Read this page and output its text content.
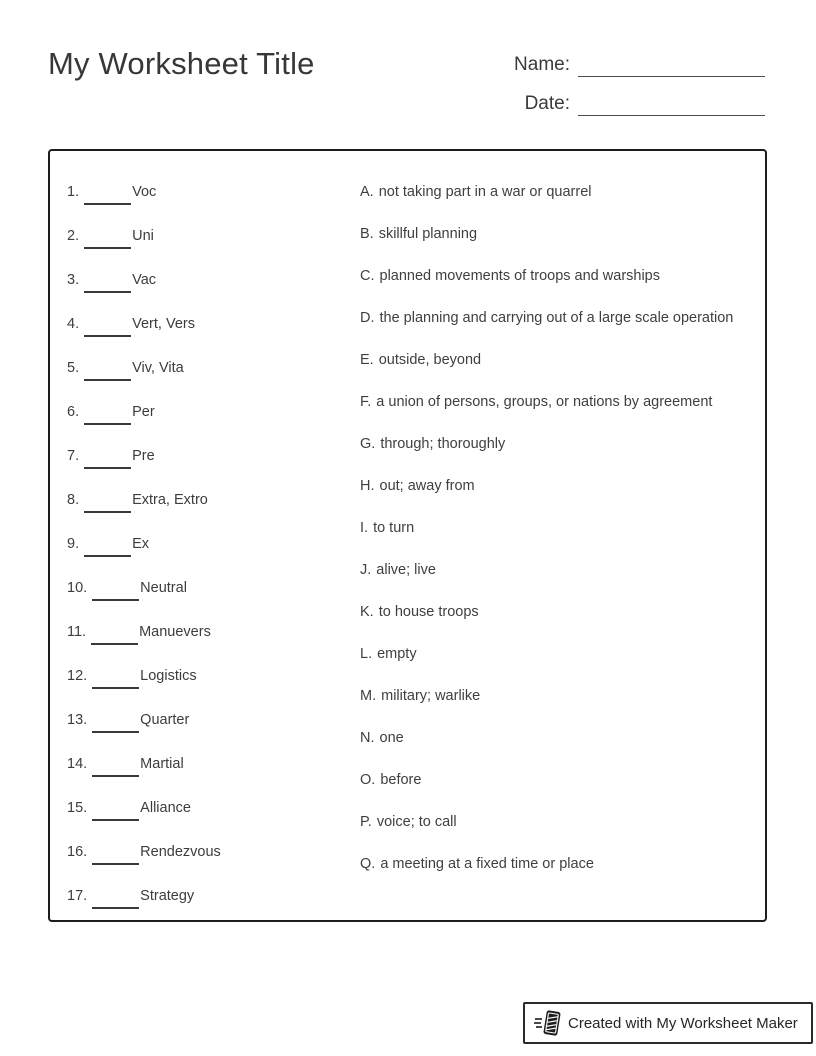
My Worksheet Title	Name:
Date:
1.	Voc
2.	Uni
3.	Vac
4.	Vert, Vers
5.	Viv, Vita
6.	Per
7.	Pre
8.	Extra, Extro
9.	Ex
10.	Neutral
11.	Manuevers
12.	Logistics
13.	Quarter
14.	Martial
15.	Alliance
16.	Rendezvous
17.	Strategy
A. not taking part in a war or quarrel
B. skillful planning
C. planned movements of troops and warships
D. the planning and carrying out of a large scale operation
E. outside, beyond
F. a union of persons, groups, or nations by agreement
G. through; thoroughly
H. out; away from
I. to turn
J. alive; live
K. to house troops
L. empty
M. military; warlike
N. one
O. before
P. voice; to call
Q. a meeting at a fixed time or place
Created with My Worksheet Maker
